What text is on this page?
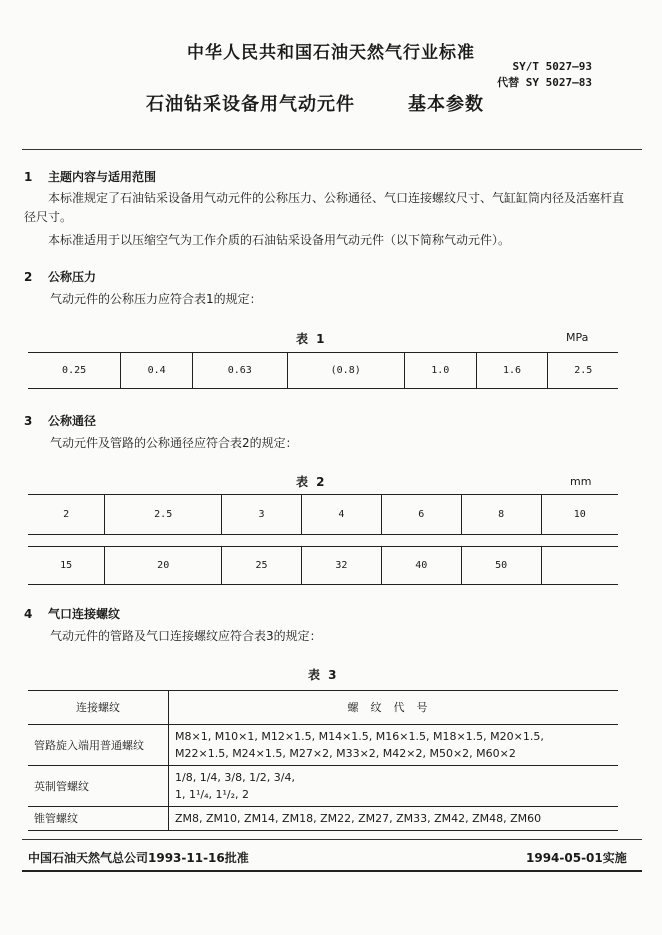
中华人民共和国石油天然气行业标准
SY/T 5027—93
代替 SY 5027—83
石油钻采设备用气动元件	基本参数
1 主题内容与适用范围
本标准规定了石油钻采设备用气动元件的公称压力、公称通径、气口连接螺纹尺寸、气缸缸筒内径及活塞杆直径尺寸。
本标准适用于以压缩空气为工作介质的石油钻采设备用气动元件（以下简称气动元件）。
2 公称压力
气动元件的公称压力应符合表1的规定：
表 1	MPa
0.25	0.4	0.63	(0.8)	1.0	1.6	2.5
3 公称通径
气动元件及管路的公称通径应符合表2的规定：
表 2	mm
2	2.5	3	4	6	8	10

15	20	25	32	40	50	
4 气口连接螺纹
气动元件的管路及气口连接螺纹应符合表3的规定：
表 3
连接螺纹	螺纹代号
管路旋入端用普通螺纹	M8×1, M10×1, M12×1.5, M14×1.5, M16×1.5, M18×1.5, M20×1.5,
M22×1.5, M24×1.5, M27×2, M33×2, M42×2, M50×2, M60×2

英制管螺纹	1/8, 1/4, 3/8, 1/2, 3/4,
1, 1¹/₄, 1¹/₂, 2

锥管螺纹	ZM8, ZM10, ZM14, ZM18, ZM22, ZM27, ZM33, ZM42, ZM48, ZM60
中国石油天然气总公司1993-11-16批准	1994-05-01实施
